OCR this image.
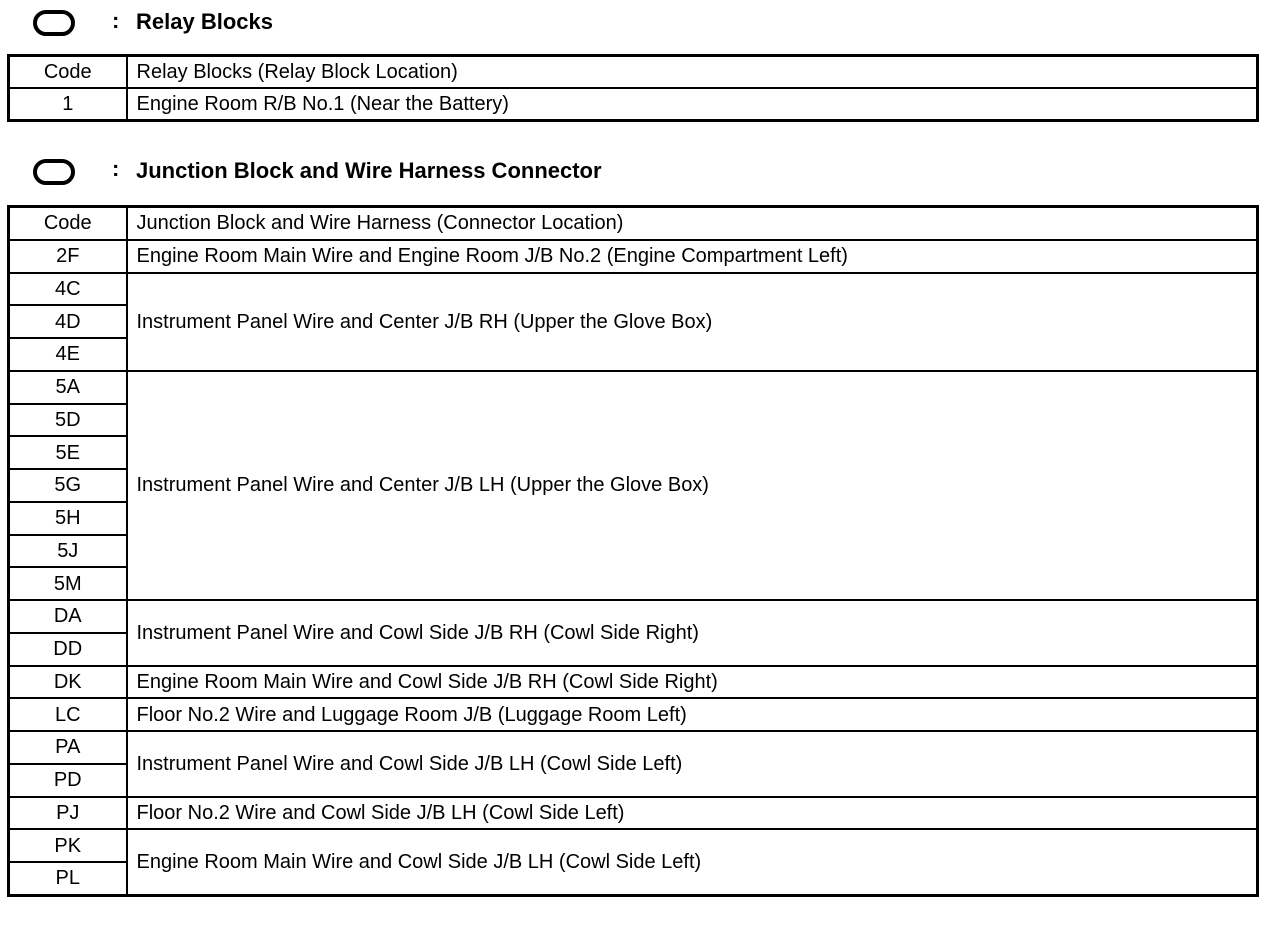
: Relay Blocks
Code	Relay Blocks (Relay Block Location)
1	Engine Room R/B No.1 (Near the Battery)
: Junction Block and Wire Harness Connector
Code	Junction Block and Wire Harness (Connector Location)
2F	Engine Room Main Wire and Engine Room J/B No.2 (Engine Compartment Left)
4C	Instrument Panel Wire and Center J/B RH (Upper the Glove Box)
4D	
4E	
5A	Instrument Panel Wire and Center J/B LH (Upper the Glove Box)
5D	
5E	
5G	
5H	
5J	
5M	
DA	Instrument Panel Wire and Cowl Side J/B RH (Cowl Side Right)
DD	
DK	Engine Room Main Wire and Cowl Side J/B RH (Cowl Side Right)
LC	Floor No.2 Wire and Luggage Room J/B (Luggage Room Left)
PA	Instrument Panel Wire and Cowl Side J/B LH (Cowl Side Left)
PD	
PJ	Floor No.2 Wire and Cowl Side J/B LH (Cowl Side Left)
PK	Engine Room Main Wire and Cowl Side J/B LH (Cowl Side Left)
PL	
